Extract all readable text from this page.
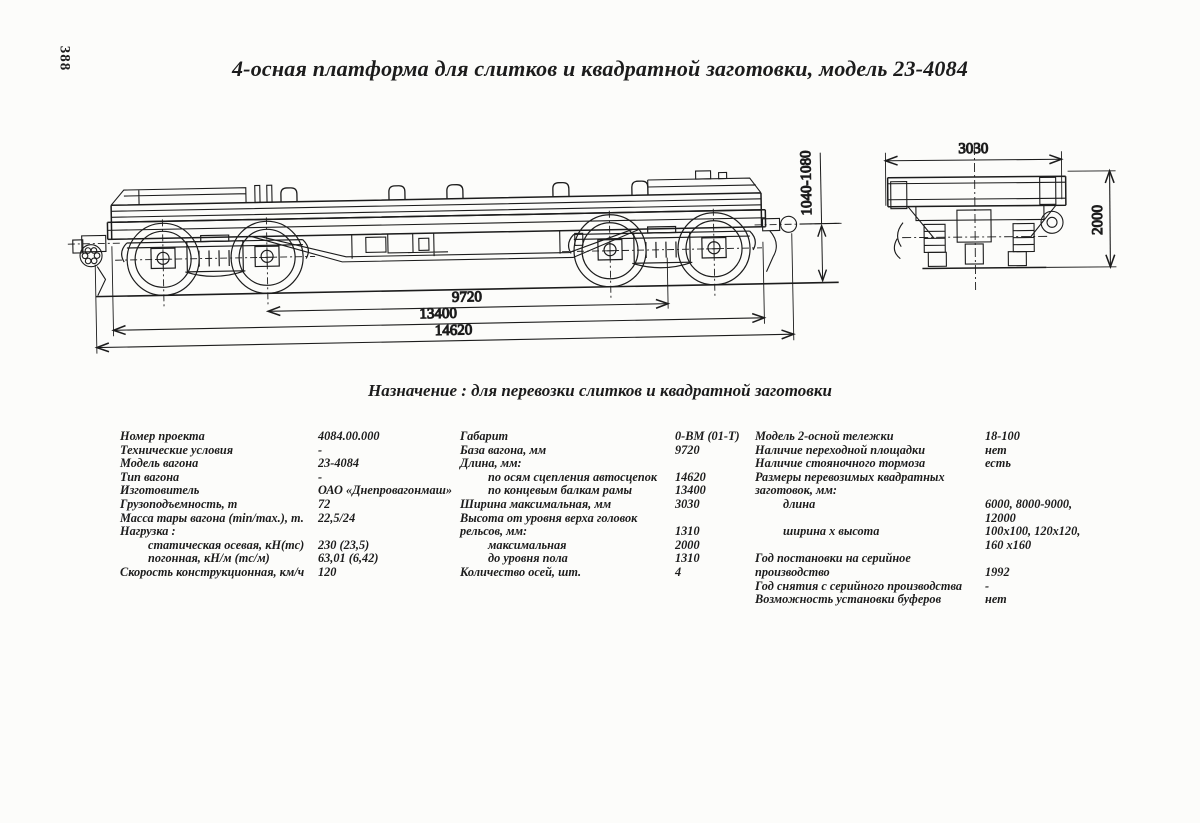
388	4-осная платформа для слитков и квадратной заготовки, модель 23-4084
1040-1080
9720
13400
14620
3030
2000
Назначение : для перевозки слитков и квадратной заготовки
Номер проекта	4084.00.000
Технические условия	-
Модель вагона	23-4084
Тип вагона	-
Изготовитель	ОАО «Днепровагонмаш»
Грузоподъемность, т	72
Масса тары вагона (min/max.), т.	22,5/24
Нагрузка :
статическая осевая, кН(тс)	230 (23,5)
погонная, кН/м (тс/м)	63,01 (6,42)
Скорость конструкционная, км/ч	120
Габарит	0-ВМ (01-Т)
База вагона, мм	9720
Длина, мм:
по осям сцепления автосцепок	14620
по концевым балкам рамы	13400
Ширина максимальная, мм	3030
Высота от уровня верха головок
рельсов, мм:	1310
максимальная	2000
до уровня пола	1310
Количество осей, шт.	4
Модель 2-осной тележки	18-100
Наличие переходной площадки	нет
Наличие стояночного тормоза	есть
Размеры перевозимых квадратных
заготовок, мм:
длина	6000, 8000-9000,
12000
ширина х высота	100x100, 120x120,
160 x160
Год постановки на серийное
производство	1992
Год снятия с серийного производства	-
Возможность установки буферов	нет
